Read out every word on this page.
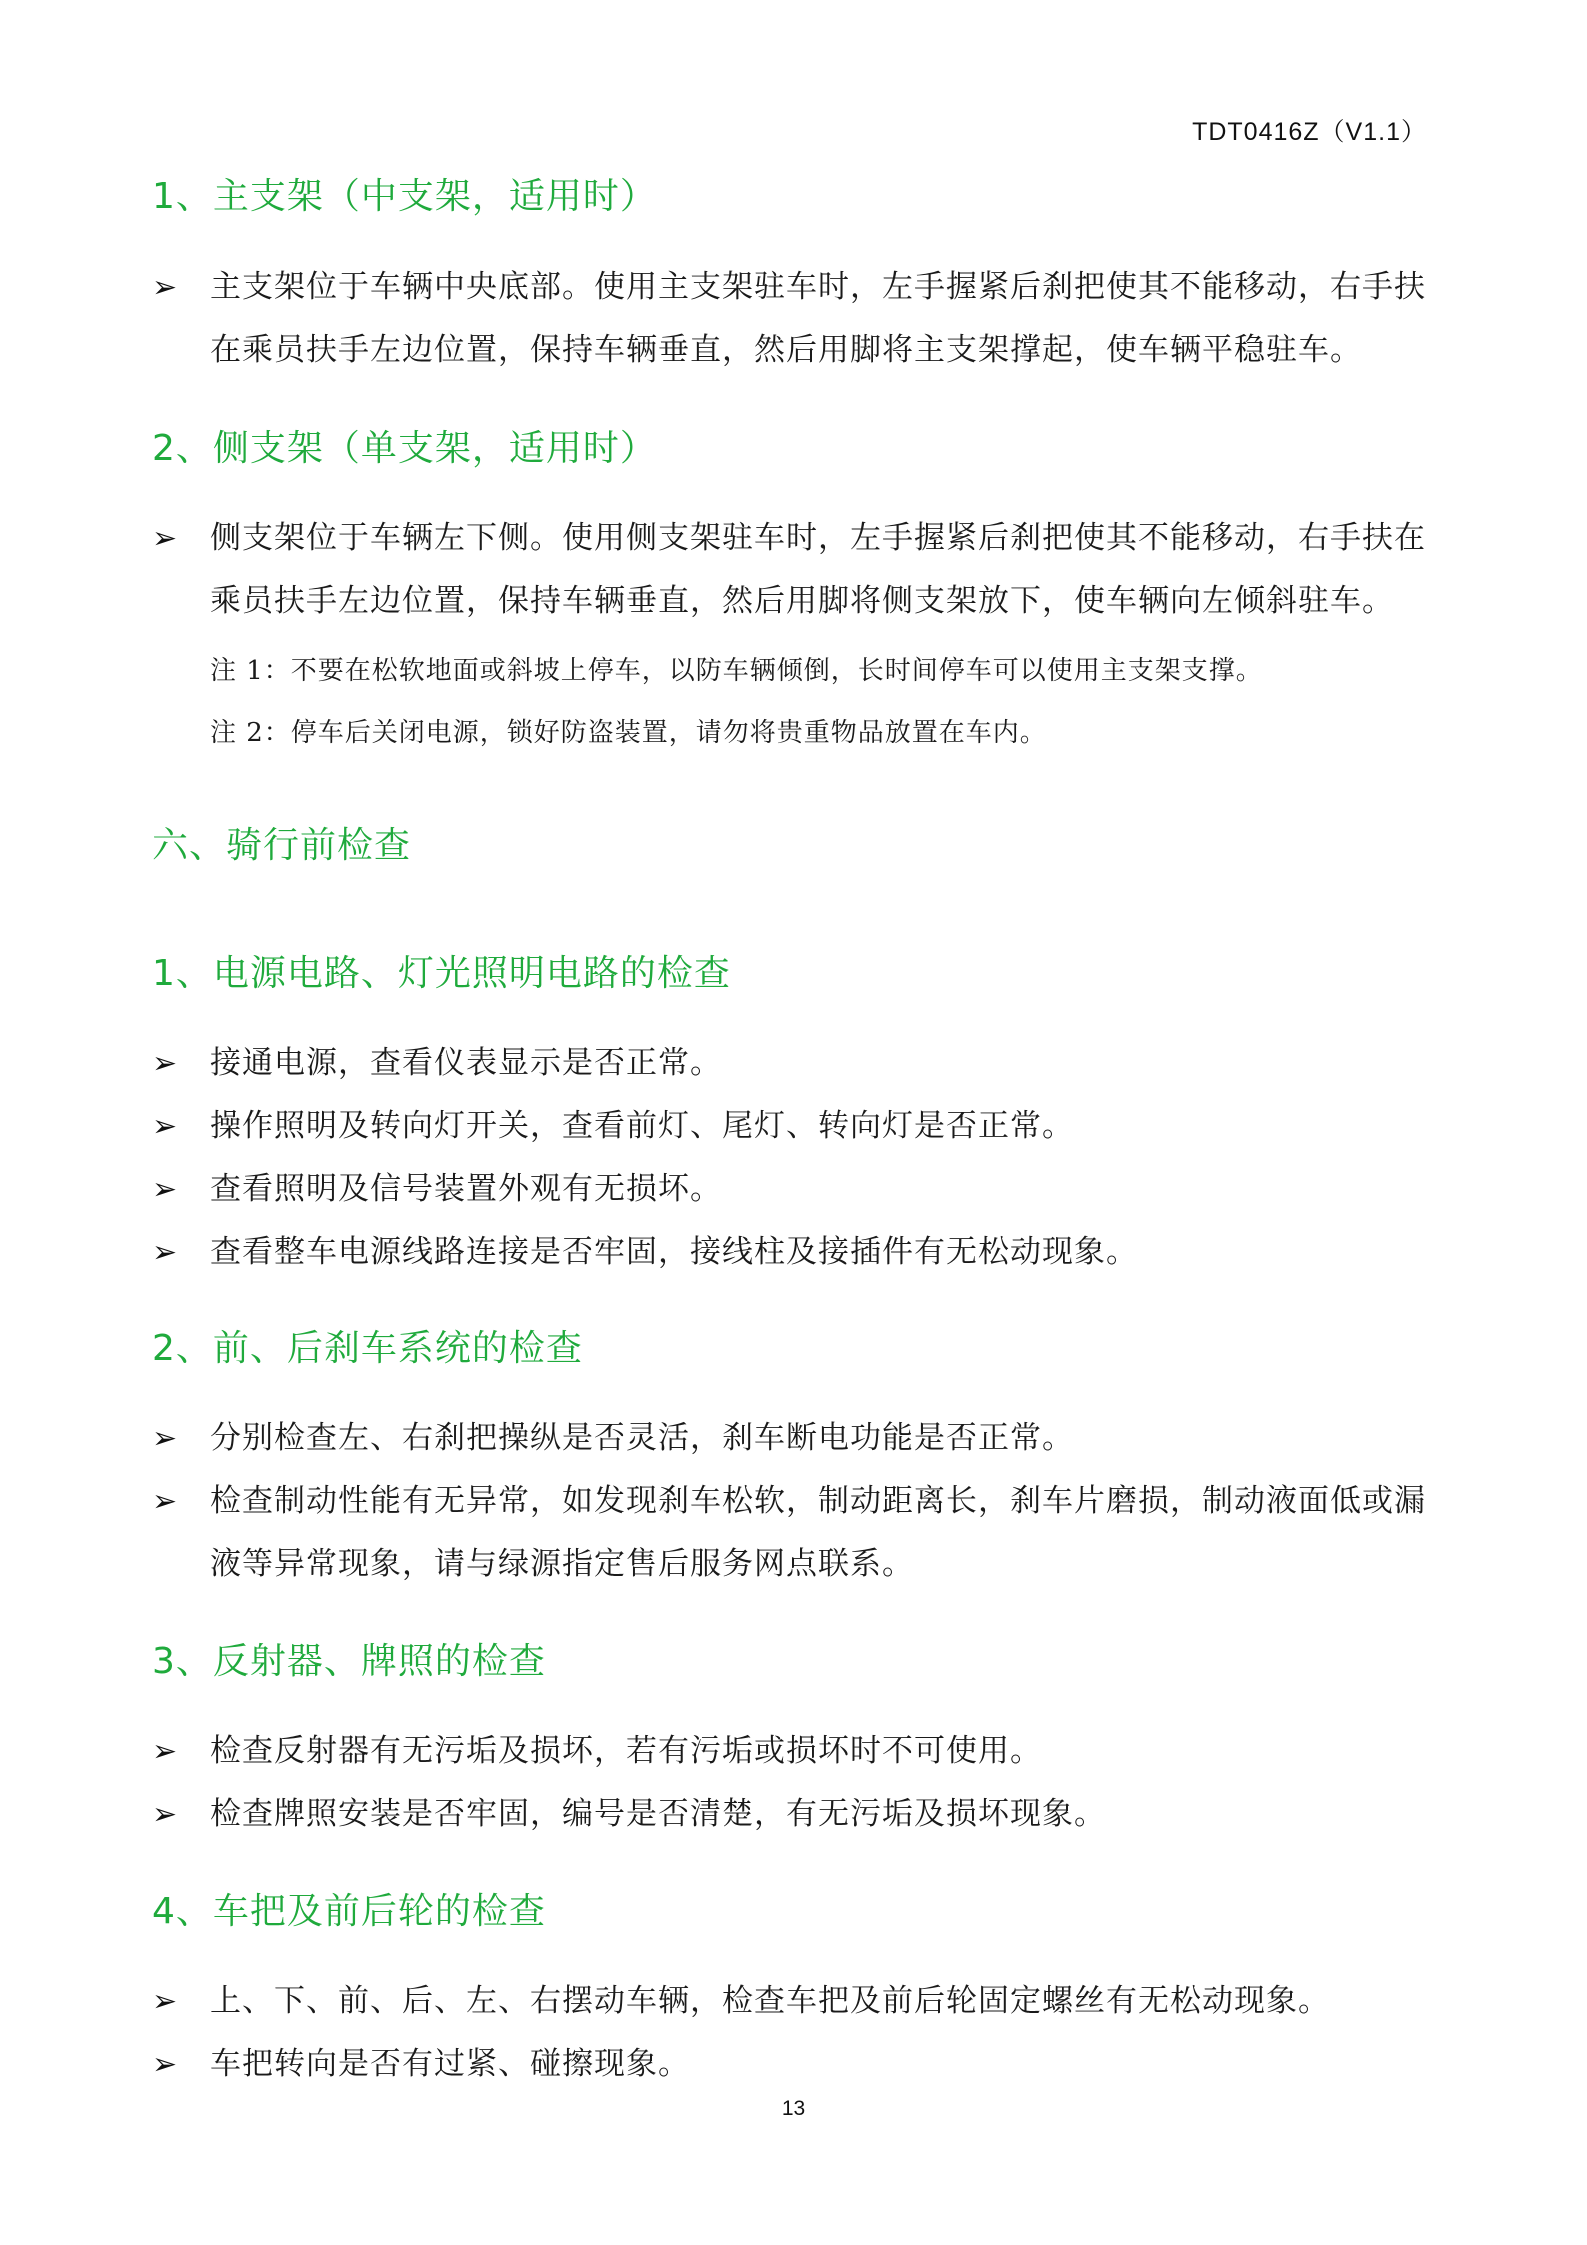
TDT0416Z（V1.1）
1、主支架（中支架，适用时）
➢	主支架位于车辆中央底部。使用主支架驻车时，左手握紧后刹把使其不能移动，右手扶在乘员扶手左边位置，保持车辆垂直，然后用脚将主支架撑起，使车辆平稳驻车。
2、侧支架（单支架，适用时）
➢	侧支架位于车辆左下侧。使用侧支架驻车时，左手握紧后刹把使其不能移动，右手扶在乘员扶手左边位置，保持车辆垂直，然后用脚将侧支架放下，使车辆向左倾斜驻车。
注 1：不要在松软地面或斜坡上停车，以防车辆倾倒，长时间停车可以使用主支架支撑。
注 2：停车后关闭电源，锁好防盗装置，请勿将贵重物品放置在车内。
六、骑行前检查
1、电源电路、灯光照明电路的检查
➢	接通电源，查看仪表显示是否正常。
➢	操作照明及转向灯开关，查看前灯、尾灯、转向灯是否正常。
➢	查看照明及信号装置外观有无损坏。
➢	查看整车电源线路连接是否牢固，接线柱及接插件有无松动现象。
2、前、后刹车系统的检查
➢	分别检查左、右刹把操纵是否灵活，刹车断电功能是否正常。
➢	检查制动性能有无异常，如发现刹车松软，制动距离长，刹车片磨损，制动液面低或漏液等异常现象，请与绿源指定售后服务网点联系。
3、反射器、牌照的检查
➢	检查反射器有无污垢及损坏，若有污垢或损坏时不可使用。
➢	检查牌照安装是否牢固，编号是否清楚，有无污垢及损坏现象。
4、车把及前后轮的检查
➢	上、下、前、后、左、右摆动车辆，检查车把及前后轮固定螺丝有无松动现象。
➢	车把转向是否有过紧、碰擦现象。
13
